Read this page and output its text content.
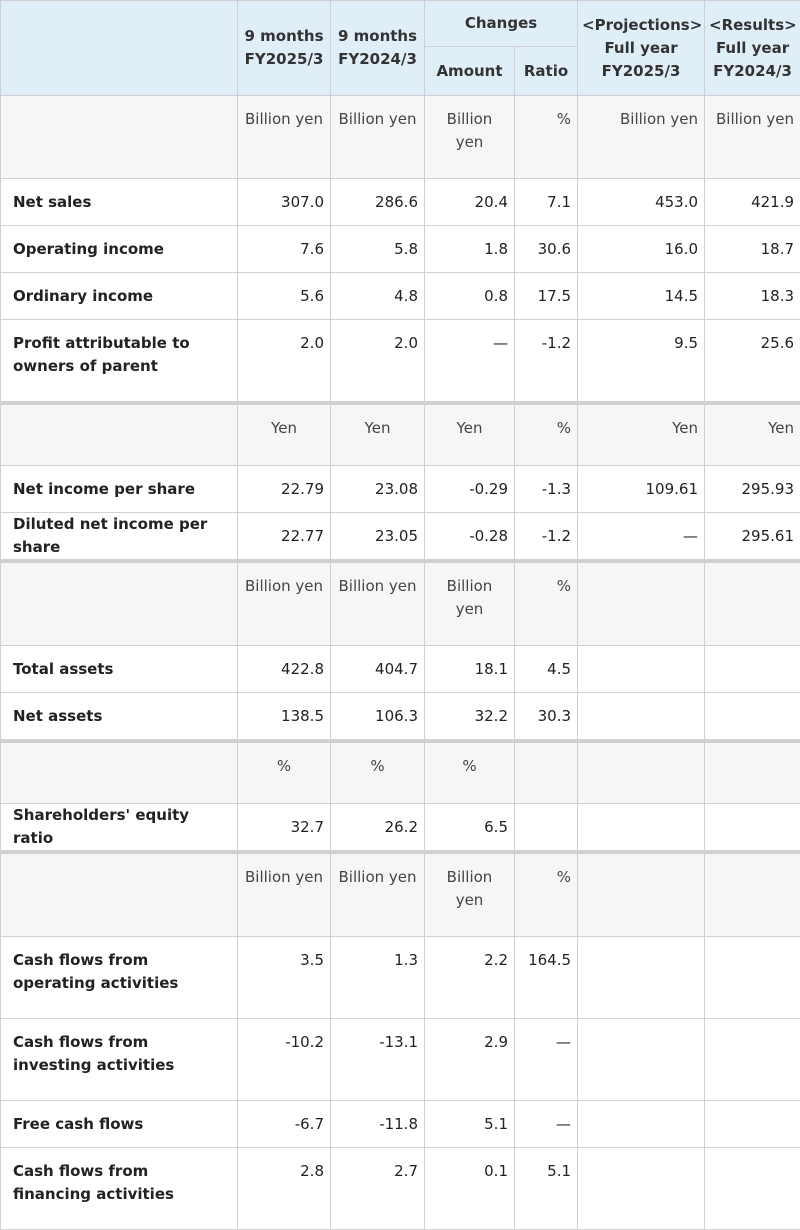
	9 months FY2025/3	9 months FY2024/3	Changes		<Projections> Full year FY2025/3	<Results> Full year FY2024/3
			Amount	Ratio		
	Billion yen	Billion yen	Billion yen	%	Billion yen	Billion yen
Net sales	307.0	286.6	20.4	7.1	453.0	421.9
Operating income	7.6	5.8	1.8	30.6	16.0	18.7
Ordinary income	5.6	4.8	0.8	17.5	14.5	18.3
Profit attributable to owners of parent	2.0	2.0	—	-1.2	9.5	25.6

	Yen	Yen	Yen	%	Yen	Yen
Net income per share	22.79	23.08	-0.29	-1.3	109.61	295.93
Diluted net income per share	22.77	23.05	-0.28	-1.2	—	295.61

	Billion yen	Billion yen	Billion yen	%		
Total assets	422.8	404.7	18.1	4.5		
Net assets	138.5	106.3	32.2	30.3		

	%	%	%			
Shareholders' equity ratio	32.7	26.2	6.5			

	Billion yen	Billion yen	Billion yen	%		
Cash flows from operating activities	3.5	1.3	2.2	164.5		
Cash flows from investing activities	-10.2	-13.1	2.9	—		
Free cash flows	-6.7	-11.8	5.1	—		
Cash flows from financing activities	2.8	2.7	0.1	5.1		
